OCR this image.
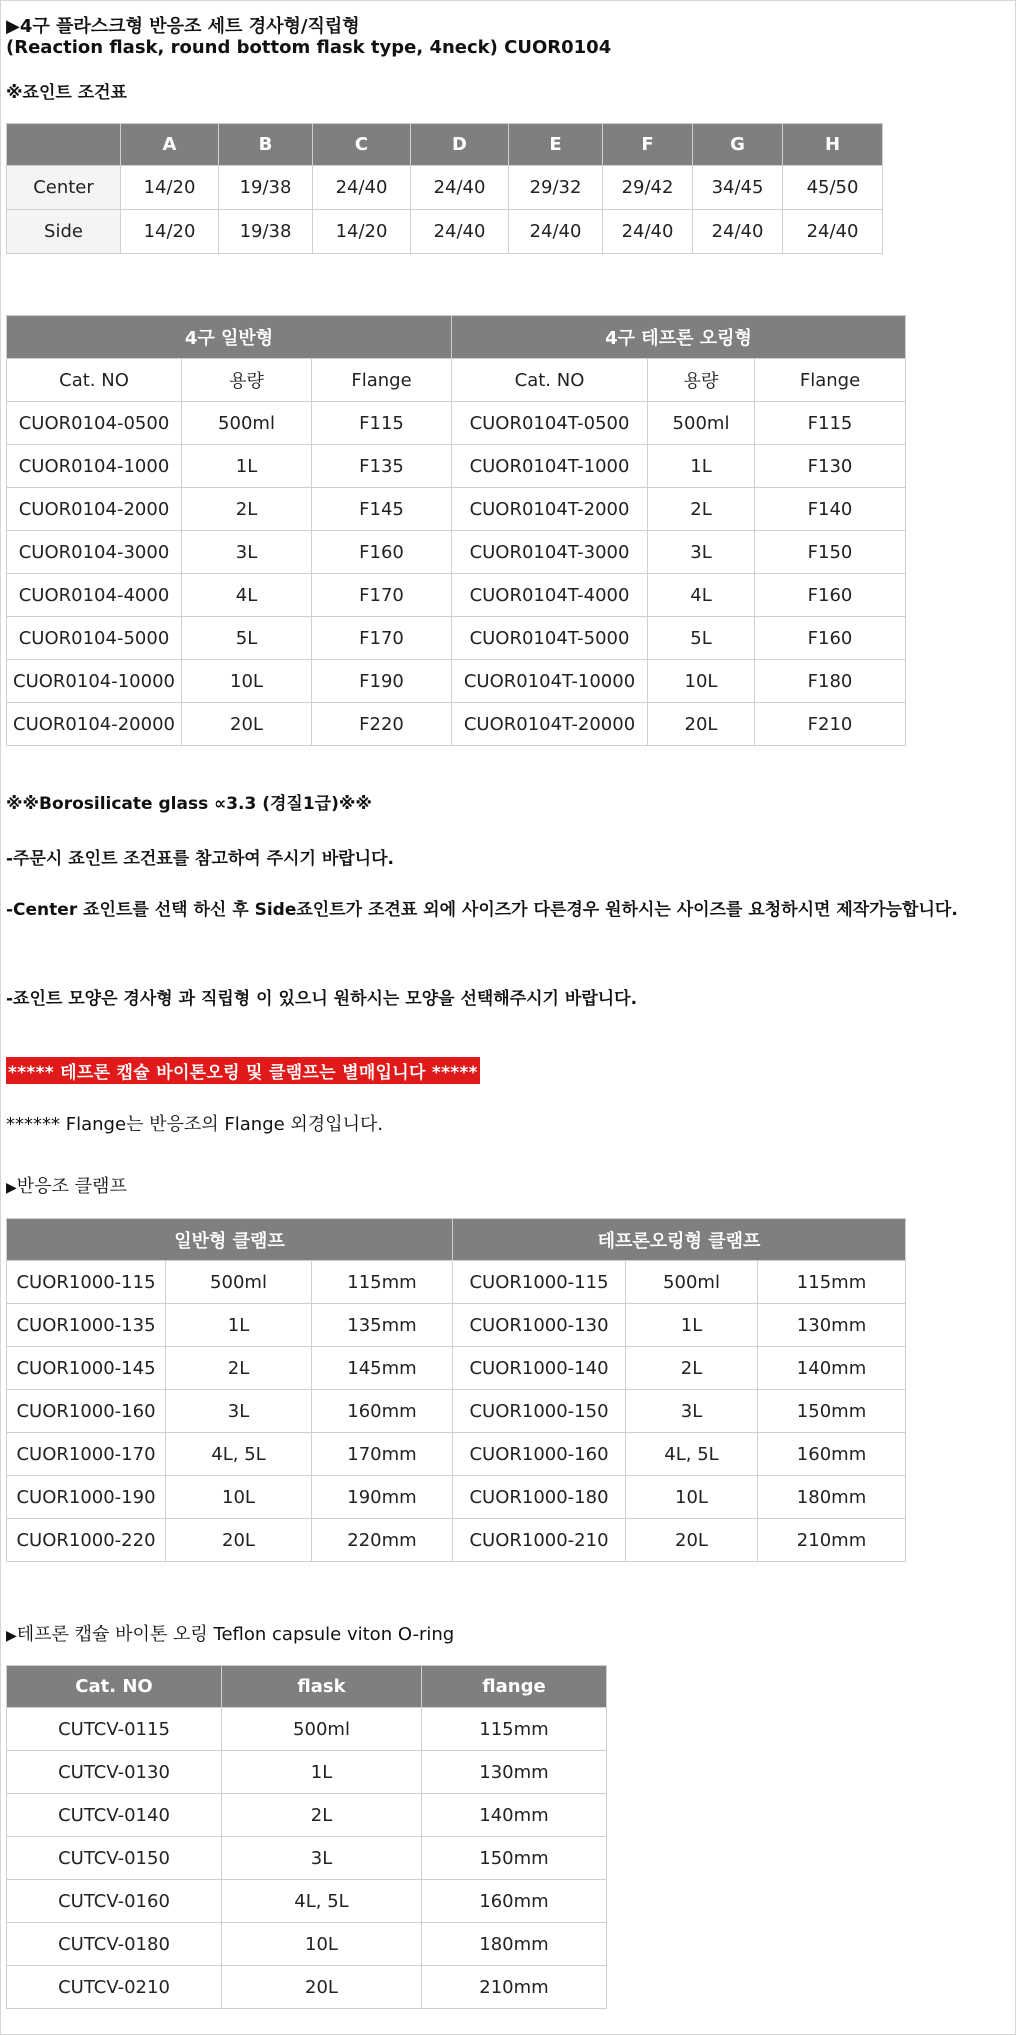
▶4구 플라스크형 반응조 세트 경사형/직립형
(Reaction flask, round bottom flask type, 4neck) CUOR0104
※죠인트 조건표
	A	B	C	D	E	F	G	H
Center	14/20	19/38	24/40	24/40	29/32	29/42	34/45	45/50
Side	14/20	19/38	14/20	24/40	24/40	24/40	24/40	24/40
4구 일반형			4구 테프론 오링형		
Cat. NO	용량	Flange	Cat. NO	용량	Flange
CUOR0104-0500	500ml	F115	CUOR0104T-0500	500ml	F115
CUOR0104-1000	1L	F135	CUOR0104T-1000	1L	F130
CUOR0104-2000	2L	F145	CUOR0104T-2000	2L	F140
CUOR0104-3000	3L	F160	CUOR0104T-3000	3L	F150
CUOR0104-4000	4L	F170	CUOR0104T-4000	4L	F160
CUOR0104-5000	5L	F170	CUOR0104T-5000	5L	F160
CUOR0104-10000	10L	F190	CUOR0104T-10000	10L	F180
CUOR0104-20000	20L	F220	CUOR0104T-20000	20L	F210
※※Borosilicate glass ∝3.3 (경질1급)※※
-주문시 죠인트 조건표를 참고하여 주시기 바랍니다.
-Center 죠인트를 선택 하신 후 Side죠인트가 조견표 외에 사이즈가 다른경우 원하시는 사이즈를 요청하시면 제작가능합니다.
-죠인트 모양은 경사형 과 직립형 이 있으니 원하시는 모양을 선택해주시기 바랍니다.
***** 테프론 캡슐 바이톤오링 및 클램프는 별매입니다 *****
****** Flange는 반응조의 Flange 외경입니다.
▶반응조 클램프
일반형 클램프			테프론오링형 클램프		
CUOR1000-115	500ml	115mm	CUOR1000-115	500ml	115mm
CUOR1000-135	1L	135mm	CUOR1000-130	1L	130mm
CUOR1000-145	2L	145mm	CUOR1000-140	2L	140mm
CUOR1000-160	3L	160mm	CUOR1000-150	3L	150mm
CUOR1000-170	4L, 5L	170mm	CUOR1000-160	4L, 5L	160mm
CUOR1000-190	10L	190mm	CUOR1000-180	10L	180mm
CUOR1000-220	20L	220mm	CUOR1000-210	20L	210mm
▶테프론 캡슐 바이톤 오링 Teflon capsule viton O-ring
Cat. NO	flask	flange
CUTCV-0115	500ml	115mm
CUTCV-0130	1L	130mm
CUTCV-0140	2L	140mm
CUTCV-0150	3L	150mm
CUTCV-0160	4L, 5L	160mm
CUTCV-0180	10L	180mm
CUTCV-0210	20L	210mm
